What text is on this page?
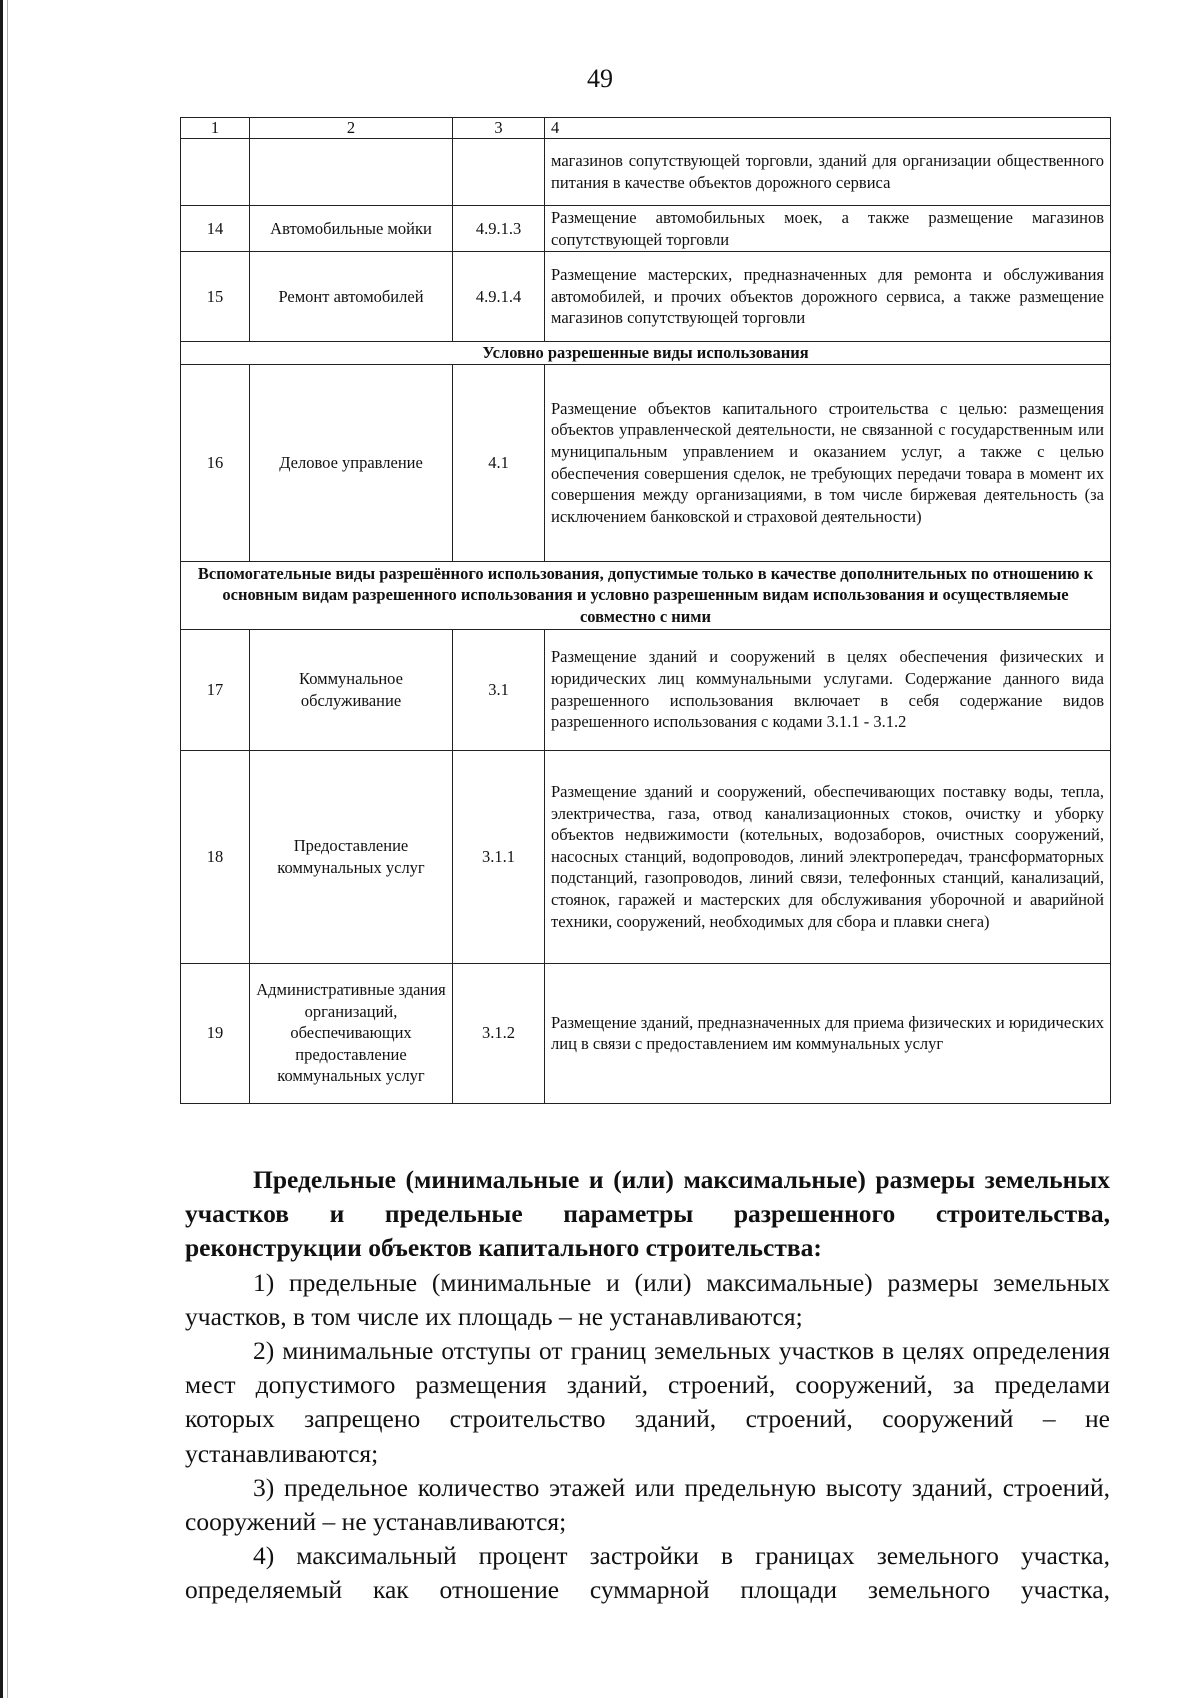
49
1	2	3	4
			магазинов сопутствующей торговли, зданий для организации общественного питания в качестве объектов дорожного сервиса
14	Автомобильные мойки	4.9.1.3	Размещение автомобильных моек, а также размещение магазинов сопутствующей торговли
15	Ремонт автомобилей	4.9.1.4	Размещение мастерских, предназначенных для ремонта и обслуживания автомобилей, и прочих объектов дорожного сервиса, а также размещение магазинов сопутствующей торговли
Условно разрешенные виды использования			
16	Деловое управление	4.1	Размещение объектов капитального строительства с целью: размещения объектов управленческой деятельности, не связанной с государственным или муниципальным управлением и оказанием услуг, а также с целью обеспечения совершения сделок, не требующих передачи товара в момент их совершения между организациями, в том числе биржевая деятельность (за исключением банковской и страховой деятельности)
Вспомогательные виды разрешённого использования, допустимые только в качестве дополнительных по отношению к основным видам разрешенного использования и условно разрешенным видам использования и осуществляемые совместно с ними			
17	Коммунальное обслуживание	3.1	Размещение зданий и сооружений в целях обеспечения физических и юридических лиц коммунальными услугами. Содержание данного вида разрешенного использования включает в себя содержание видов разрешенного использования с кодами 3.1.1 - 3.1.2
18	Предоставление коммунальных услуг	3.1.1	Размещение зданий и сооружений, обеспечивающих поставку воды, тепла, электричества, газа, отвод канализационных стоков, очистку и уборку объектов недвижимости (котельных, водозаборов, очистных сооружений, насосных станций, водопроводов, линий электропередач, трансформаторных подстанций, газопроводов, линий связи, телефонных станций, канализаций, стоянок, гаражей и мастерских для обслуживания уборочной и аварийной техники, сооружений, необходимых для сбора и плавки снега)
19	Административные здания организаций, обеспечивающих предоставление коммунальных услуг	3.1.2	Размещение зданий, предназначенных для приема физических и юридических лиц в связи с предоставлением им коммунальных услуг
Предельные (минимальные и (или) максимальные) размеры земельных участков и предельные параметры разрешенного строительства, реконструкции объектов капитального строительства:

1) предельные (минимальные и (или) максимальные) размеры земельных участков, в том числе их площадь – не устанавливаются;

2) минимальные отступы от границ земельных участков в целях определения мест допустимого размещения зданий, строений, сооружений, за пределами которых запрещено строительство зданий, строений, сооружений – не устанавливаются;

3) предельное количество этажей или предельную высоту зданий, строений, сооружений – не устанавливаются;

4) максимальный процент застройки в границах земельного участка, определяемый как отношение суммарной площади земельного участка,
